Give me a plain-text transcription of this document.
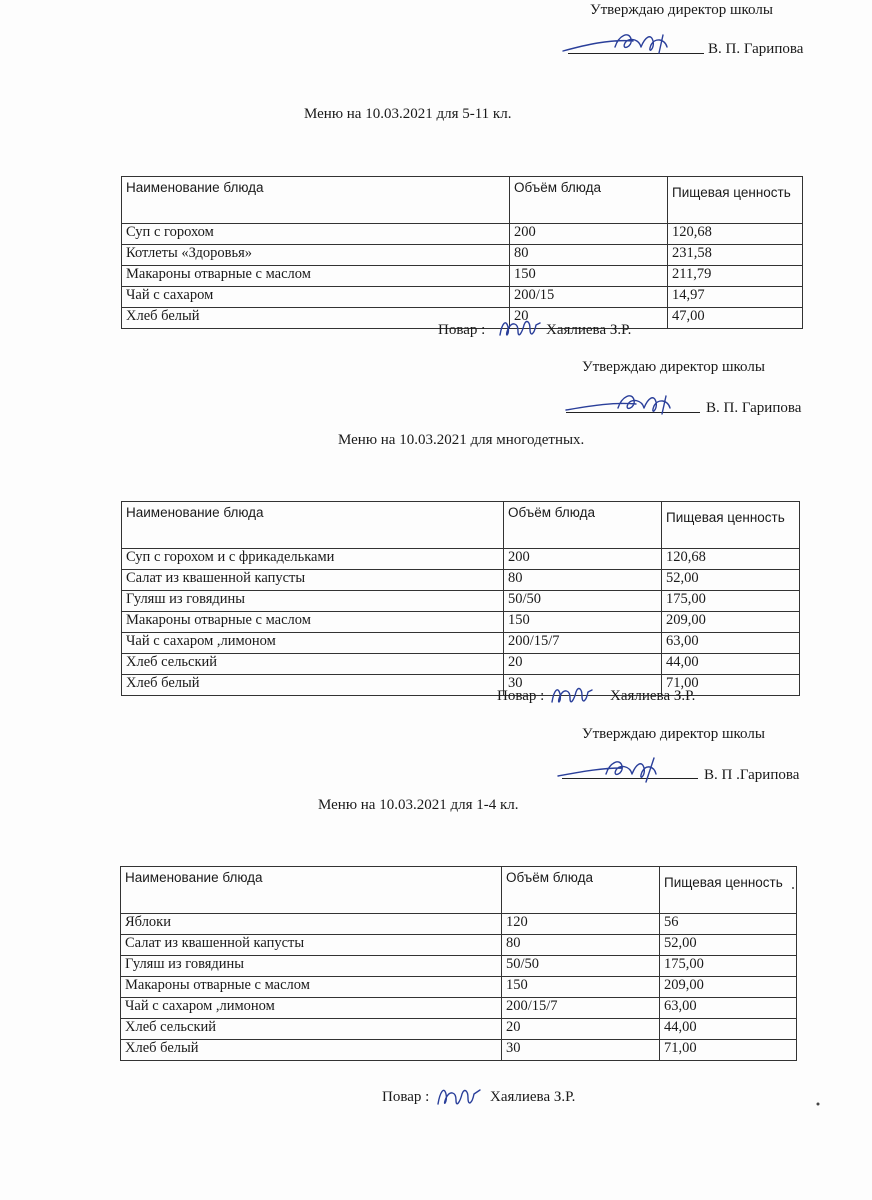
Утверждаю директор школы
В. П. Гарипова
Меню на 10.03.2021 для 5-11 кл.
Наименование блюда	Объём блюда	Пищевая ценность
Суп с горохом	200	120,68
Котлеты «Здоровья»	80	231,58
Макароны отварные с маслом	150	211,79
Чай с сахаром	200/15	14,97
Хлеб белый	20	47,00
Повар :	Хаялиева З.Р.
Утверждаю директор школы
В. П. Гарипова
Меню на 10.03.2021 для многодетных.
Наименование блюда	Объём блюда	Пищевая ценность
Суп с горохом и с фрикадельками	200	120,68
Салат из квашенной капусты	80	52,00
Гуляш из говядины	50/50	175,00
Макароны отварные с маслом	150	209,00
Чай с сахаром ,лимоном	200/15/7	63,00
Хлеб сельский	20	44,00
Хлеб белый	30	71,00
Повар :	Хаялиева З.Р.
Утверждаю директор школы
В. П .Гарипова
Меню на 10.03.2021 для 1-4 кл.
Наименование блюда	Объём блюда	Пищевая ценность
Яблоки	120	56
Салат из квашенной капусты	80	52,00
Гуляш из говядины	50/50	175,00
Макароны отварные с маслом	150	209,00
Чай с сахаром ,лимоном	200/15/7	63,00
Хлеб сельский	20	44,00
Хлеб белый	30	71,00
Повар :	Хаялиева З.Р.
